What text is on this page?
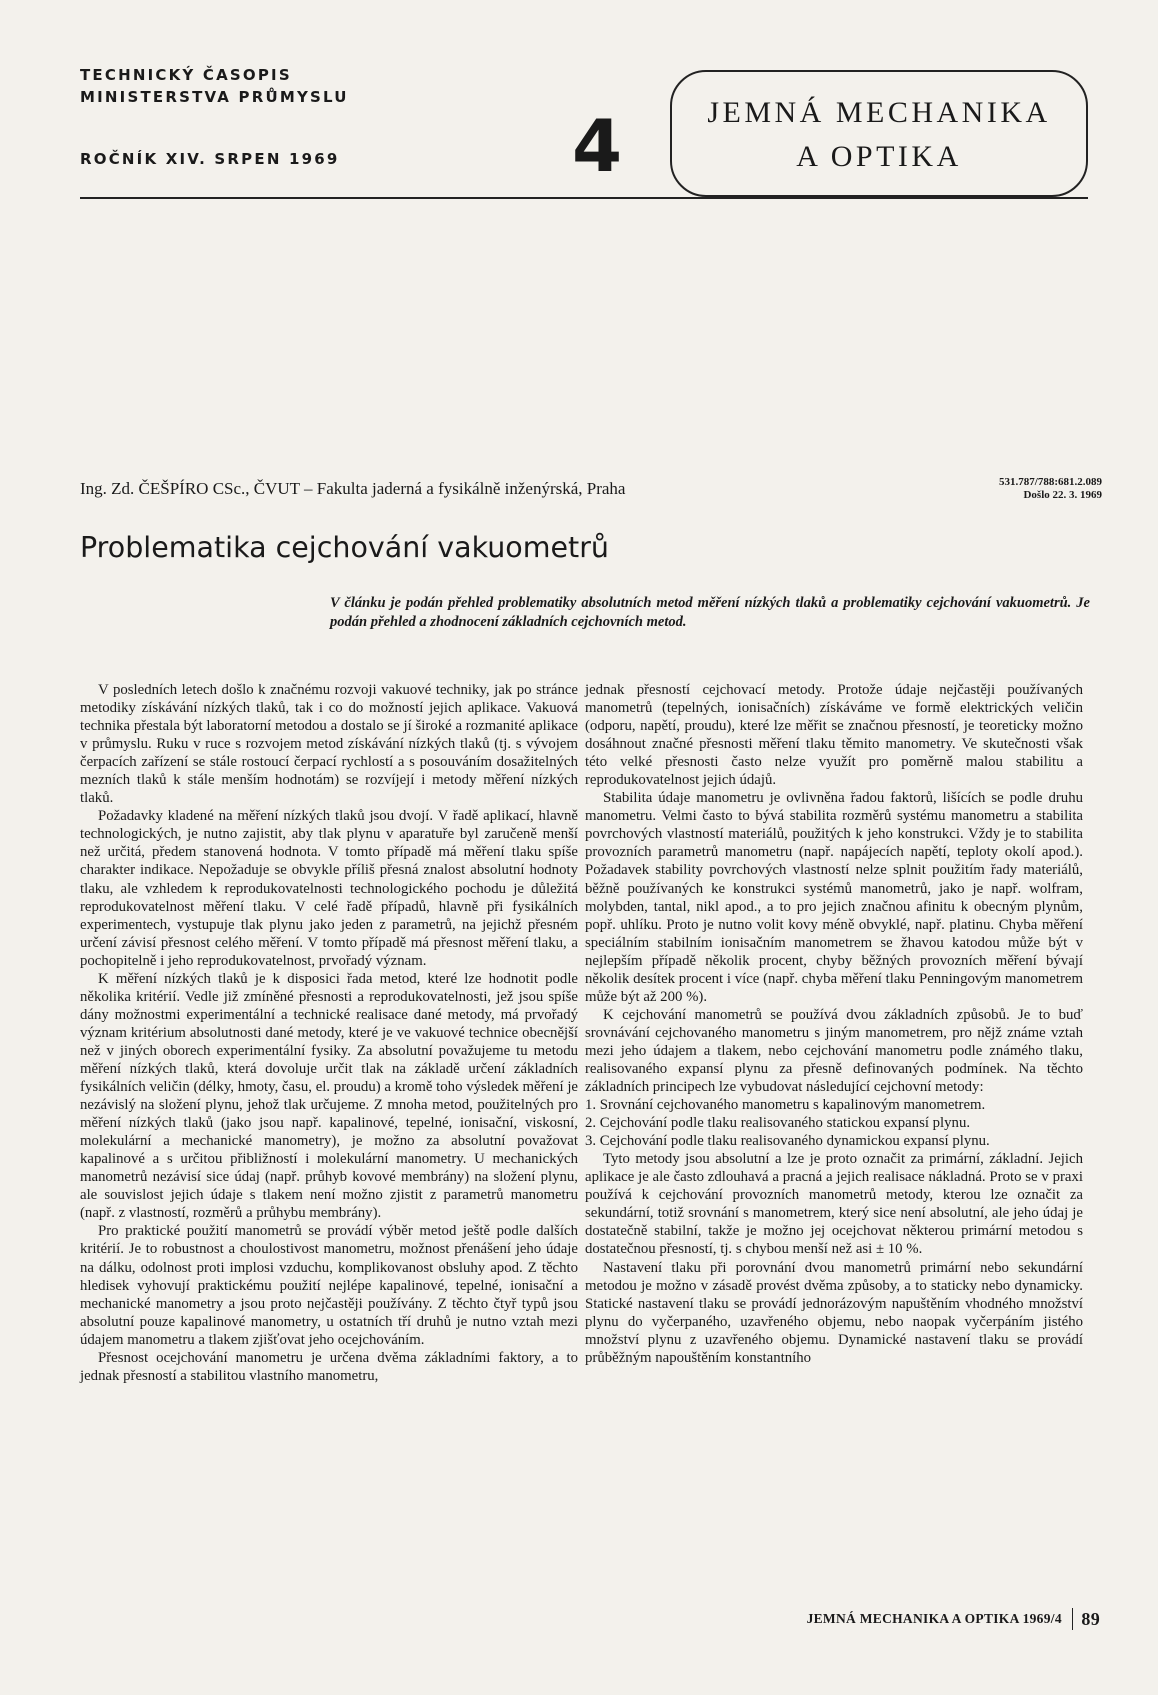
TECHNICKÝ ČASOPIS
MINISTERSTVA PRŮMYSLU
ROČNÍK XIV. SRPEN 1969	4	JEMNÁ MECHANIKA
A OPTIKA
Ing. Zd. ČEŠPÍRO CSc., ČVUT – Fakulta jaderná a fysikálně inženýrská, Praha	531.787/788:681.2.089
Došlo 22. 3. 1969
Problematika cejchování vakuometrů
V článku je podán přehled problematiky absolutních metod měření nízkých tlaků a problematiky cejchování vakuometrů. Je podán přehled a zhodnocení základních cejchovních metod.

V posledních letech došlo k značnému rozvoji vakuové techniky, jak po stránce metodiky získávání nízkých tlaků, tak i co do možností jejich aplikace. Vakuová technika přestala být laboratorní metodou a dostalo se jí široké a rozmanité aplikace v průmyslu. Ruku v ruce s rozvojem metod získávání nízkých tlaků (tj. s vývojem čerpacích zařízení se stále rostoucí čerpací rychlostí a s posouváním dosažitelných mezních tlaků k stále menším hodnotám) se rozvíjejí i metody měření nízkých tlaků.

Požadavky kladené na měření nízkých tlaků jsou dvojí. V řadě aplikací, hlavně technologických, je nutno zajistit, aby tlak plynu v aparatuře byl zaručeně menší než určitá, předem stanovená hodnota. V tomto případě má měření tlaku spíše charakter indikace. Nepožaduje se obvykle příliš přesná znalost absolutní hodnoty tlaku, ale vzhledem k reprodukovatelnosti technologického pochodu je důležitá reprodukovatelnost měření tlaku. V celé řadě případů, hlavně při fysikálních experimentech, vystupuje tlak plynu jako jeden z parametrů, na jejichž přesném určení závisí přesnost celého měření. V tomto případě má přesnost měření tlaku, a pochopitelně i jeho reprodukovatelnost, prvořadý význam.

K měření nízkých tlaků je k disposici řada metod, které lze hodnotit podle několika kritérií. Vedle již zmíněné přesnosti a reprodukovatelnosti, jež jsou spíše dány možnostmi experimentální a technické realisace dané metody, má prvořadý význam kritérium absolutnosti dané metody, které je ve vakuové technice obecnější než v jiných oborech experimentální fysiky. Za absolutní považujeme tu metodu měření nízkých tlaků, která dovoluje určit tlak na základě určení základních fysikálních veličin (délky, hmoty, času, el. proudu) a kromě toho výsledek měření je nezávislý na složení plynu, jehož tlak určujeme. Z mnoha metod, použitelných pro měření nízkých tlaků (jako jsou např. kapalinové, tepelné, ionisační, viskosní, molekulární a mechanické manometry), je možno za absolutní považovat kapalinové a s určitou přibližností i molekulární manometry. U mechanických manometrů nezávisí sice údaj (např. průhyb kovové membrány) na složení plynu, ale souvislost jejich údaje s tlakem není možno zjistit z parametrů manometru (např. z vlastností, rozměrů a průhybu membrány).

Pro praktické použití manometrů se provádí výběr metod ještě podle dalších kritérií. Je to robustnost a choulostivost manometru, možnost přenášení jeho údaje na dálku, odolnost proti implosi vzduchu, komplikovanost obsluhy apod. Z těchto hledisek vyhovují praktickému použití nejlépe kapalinové, tepelné, ionisační a mechanické manometry a jsou proto nejčastěji používány. Z těchto čtyř typů jsou absolutní pouze kapalinové manometry, u ostatních tří druhů je nutno vztah mezi údajem manometru a tlakem zjišťovat jeho ocejchováním.

Přesnost ocejchování manometru je určena dvěma základními faktory, a to jednak přesností a stabilitou vlastního manometru,

jednak přesností cejchovací metody. Protože údaje nejčastěji používaných manometrů (tepelných, ionisačních) získáváme ve formě elektrických veličin (odporu, napětí, proudu), které lze měřit se značnou přesností, je teoreticky možno dosáhnout značné přesnosti měření tlaku těmito manometry. Ve skutečnosti však této velké přesnosti často nelze využít pro poměrně malou stabilitu a reprodukovatelnost jejich údajů.

Stabilita údaje manometru je ovlivněna řadou faktorů, lišících se podle druhu manometru. Velmi často to bývá stabilita rozměrů systému manometru a stabilita povrchových vlastností materiálů, použitých k jeho konstrukci. Vždy je to stabilita provozních parametrů manometru (např. napájecích napětí, teploty okolí apod.). Požadavek stability povrchových vlastností nelze splnit použitím řady materiálů, běžně používaných ke konstrukci systémů manometrů, jako je např. wolfram, molybden, tantal, nikl apod., a to pro jejich značnou afinitu k obecným plynům, popř. uhlíku. Proto je nutno volit kovy méně obvyklé, např. platinu. Chyba měření speciálním stabilním ionisačním manometrem se žhavou katodou může být v nejlepším případě několik procent, chyby běžných provozních měření bývají několik desítek procent i více (např. chyba měření tlaku Penningovým manometrem může být až 200 %).

K cejchování manometrů se používá dvou základních způsobů. Je to buď srovnávání cejchovaného manometru s jiným manometrem, pro nějž známe vztah mezi jeho údajem a tlakem, nebo cejchování manometru podle známého tlaku, realisovaného expansí plynu za přesně definovaných podmínek. Na těchto základních principech lze vybudovat následující cejchovní metody:

1. Srovnání cejchovaného manometru s kapalinovým manometrem.

2. Cejchování podle tlaku realisovaného statickou expansí plynu.

3. Cejchování podle tlaku realisovaného dynamickou expansí plynu.

Tyto metody jsou absolutní a lze je proto označit za primární, základní. Jejich aplikace je ale často zdlouhavá a pracná a jejich realisace nákladná. Proto se v praxi používá k cejchování provozních manometrů metody, kterou lze označit za sekundární, totiž srovnání s manometrem, který sice není absolutní, ale jeho údaj je dostatečně stabilní, takže je možno jej ocejchovat některou primární metodou s dostatečnou přesností, tj. s chybou menší než asi ± 10 %.

Nastavení tlaku při porovnání dvou manometrů primární nebo sekundární metodou je možno v zásadě provést dvěma způsoby, a to staticky nebo dynamicky. Statické nastavení tlaku se provádí jednorázovým napuštěním vhodného množství plynu do vyčerpaného, uzavřeného objemu, nebo naopak vyčerpáním jistého množství plynu z uzavřeného objemu. Dynamické nastavení tlaku se provádí průběžným napouštěním konstantního

JEMNÁ MECHANIKA A OPTIKA 1969/4 89
